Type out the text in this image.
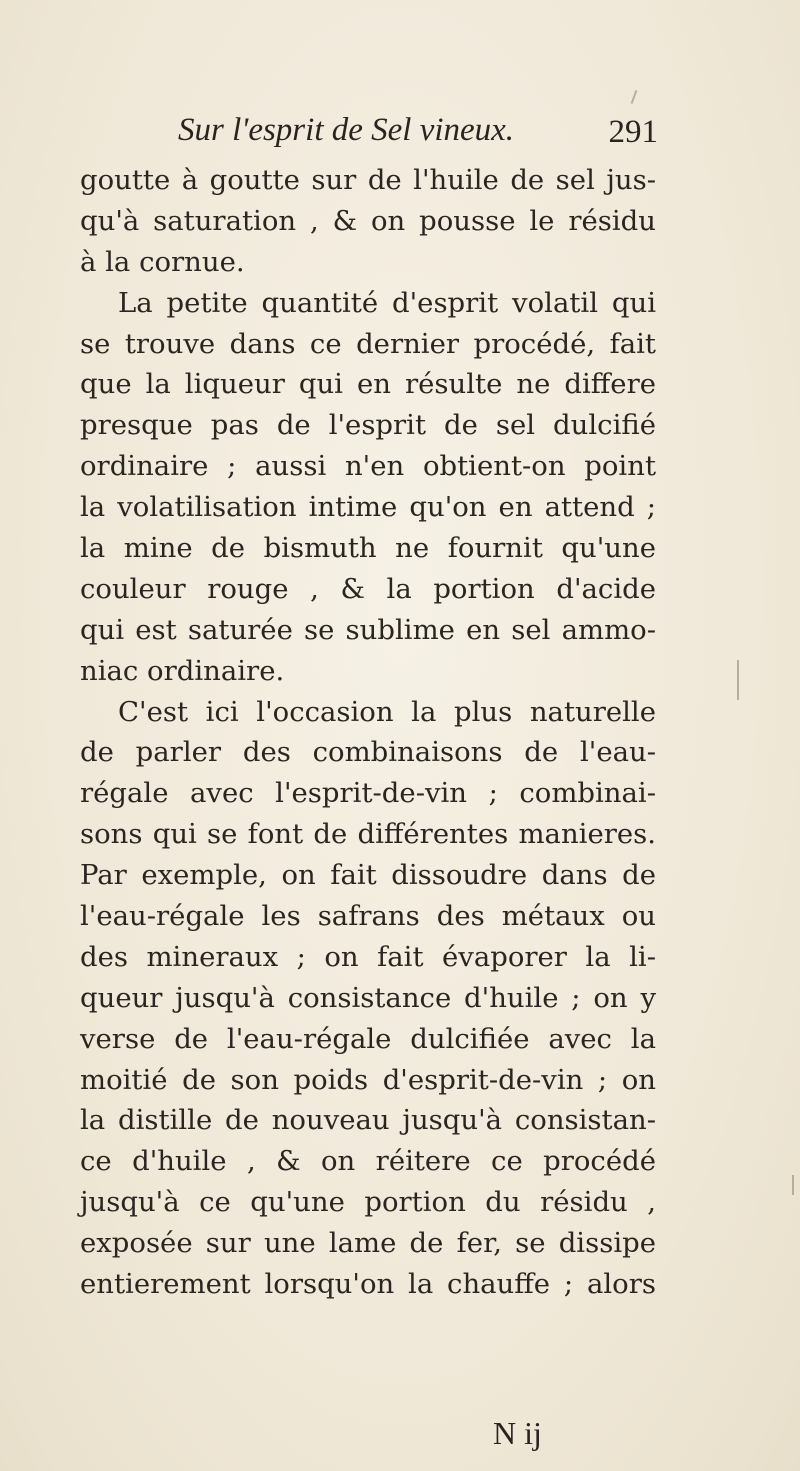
Sur l'esprit de Sel vineux.	291
goutte à goutte sur de l'huile de sel jus-
qu'à saturation , & on pousse le résidu
à la cornue.
La petite quantité d'esprit volatil qui
se trouve dans ce dernier procédé, fait
que la liqueur qui en résulte ne differe
presque pas de l'esprit de sel dulcifié
ordinaire ; aussi n'en obtient-on point
la volatilisation intime qu'on en attend ;
la mine de bismuth ne fournit qu'une
couleur rouge , & la portion d'acide
qui est saturée se sublime en sel ammo-
niac ordinaire.
C'est ici l'occasion la plus naturelle
de parler des combinaisons de l'eau-
régale avec l'esprit-de-vin ; combinai-
sons qui se font de différentes manieres.
Par exemple, on fait dissoudre dans de
l'eau-régale les safrans des métaux ou
des mineraux ; on fait évaporer la li-
queur jusqu'à consistance d'huile ; on y
verse de l'eau-régale dulcifiée avec la
moitié de son poids d'esprit-de-vin ; on
la distille de nouveau jusqu'à consistan-
ce d'huile , & on réitere ce procédé
jusqu'à ce qu'une portion du résidu ,
exposée sur une lame de fer, se dissipe
entierement lorsqu'on la chauffe ; alors
N ij
